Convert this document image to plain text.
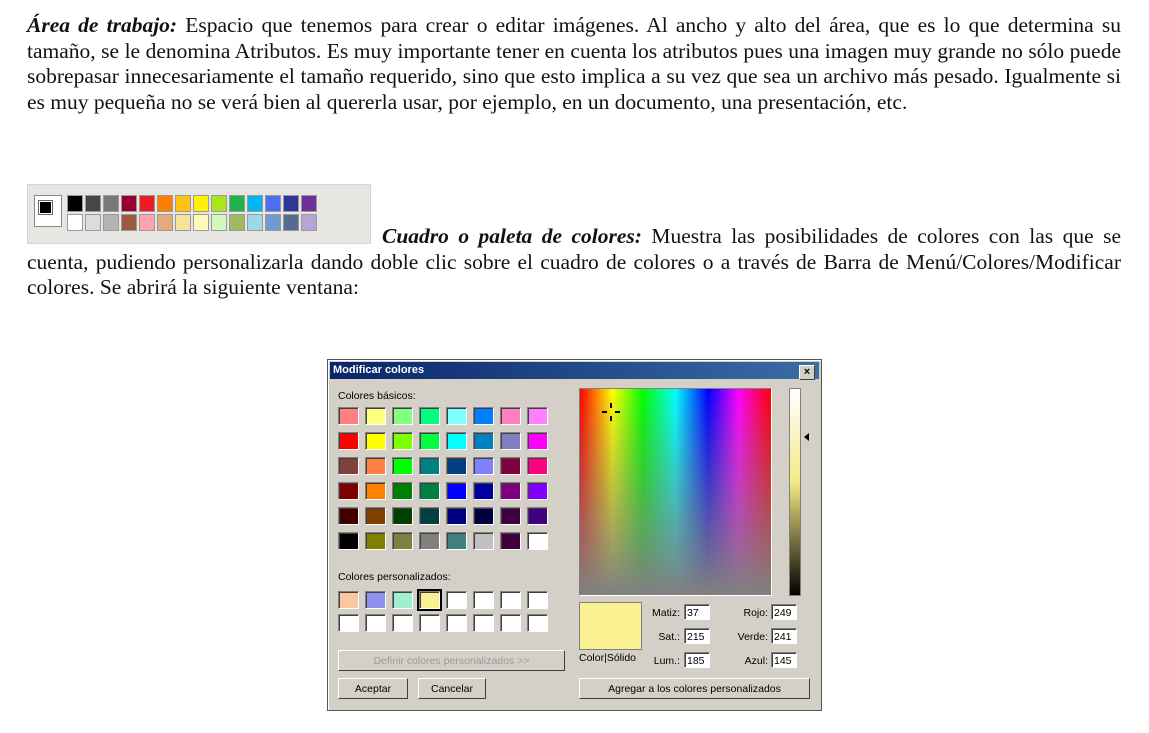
Área de trabajo: Espacio que tenemos para crear o editar imágenes. Al ancho y alto del área, que es lo que determina su tamaño, se le denomina Atributos. Es muy importante tener en cuenta los atributos pues una imagen muy grande no sólo puede sobrepasar innecesariamente el tamaño requerido, sino que esto implica a su vez que sea un archivo más pesado. Igualmente si es muy pequeña no se verá bien al quererla usar, por ejemplo, en un documento, una presentación, etc.

Cuadro o paleta de colores: Muestra las posibilidades de colores con las que se cuenta, pudiendo personalizarla dando doble clic sobre el cuadro de colores o a través de Barra de Menú/Colores/Modificar colores. Se abrirá la siguiente ventana:

Modificar colores	×
Colores básicos:
Colores personalizados:
Definir colores personalizados >>
Aceptar	Cancelar
Color|Sólido
Matiz: 37
Sat.: 215
Lum.: 185
Rojo: 249
Verde: 241
Azul: 145
Agregar a los colores personalizados
